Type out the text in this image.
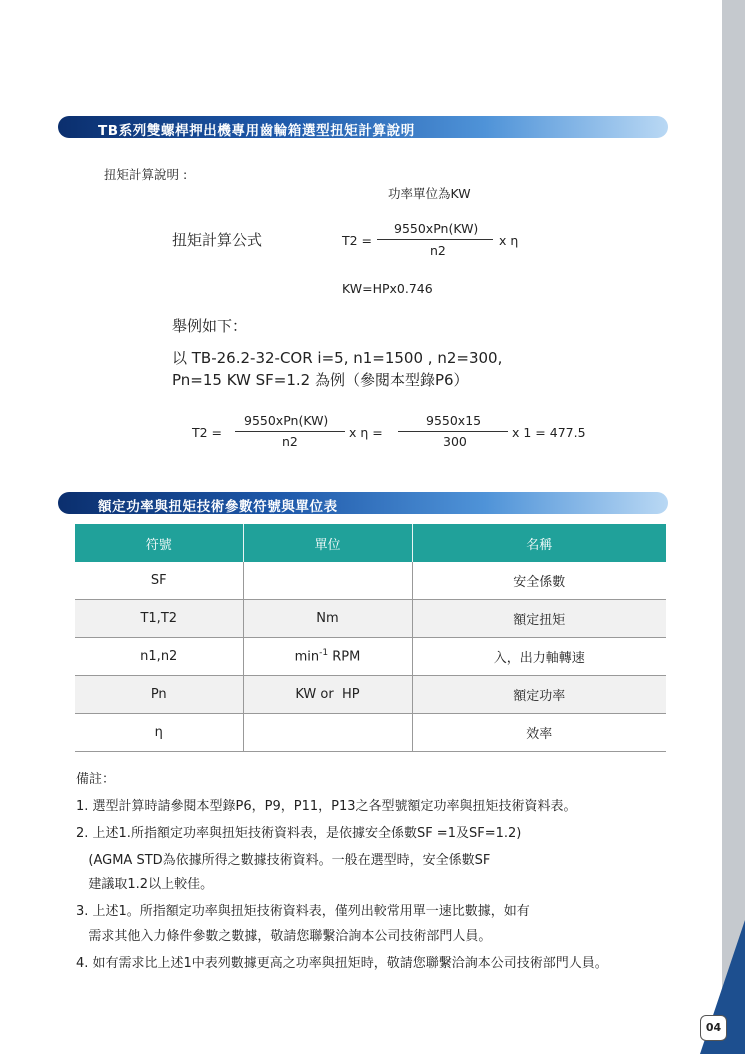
04
TB系列雙螺桿押出機專用齒輪箱選型扭矩計算說明
扭矩計算說明 :
功率單位為KW
扭矩計算公式	T2 =
9550xPn(KW)
n2
x η
KW=HPx0.746
舉例如下：
以 TB-26.2-32-COR i=5, n1=1500 , n2=300,
Pn=15 KW SF=1.2 為例（參閱本型錄P6）
T2 =
9550xPn(KW)
n2
x η =
9550x15
300
x 1 = 477.5
額定功率與扭矩技術參數符號與單位表
符號	單位	名稱
SF		安全係數
T1,T2	Nm	額定扭矩
n1,n2	$\min^{-1}$ RPM	入，出力軸轉速
Pn	KW or  HP	額定功率
η		效率
備註：
1. 選型計算時請參閱本型錄P6，P9，P11，P13之各型號額定功率與扭矩技術資料表。
2. 上述1.所指額定功率與扭矩技術資料表，是依據安全係數SF =1及SF=1.2)
(AGMA STD為依據所得之數據技術資料。一般在選型時，安全係數SF
建議取1.2以上較佳。
3. 上述1。所指額定功率與扭矩技術資料表，僅列出較常用單一速比數據，如有
需求其他入力條件參數之數據，敬請您聯繫洽詢本公司技術部門人員。
4. 如有需求比上述1中表列數據更高之功率與扭矩時，敬請您聯繫洽詢本公司技術部門人員。
